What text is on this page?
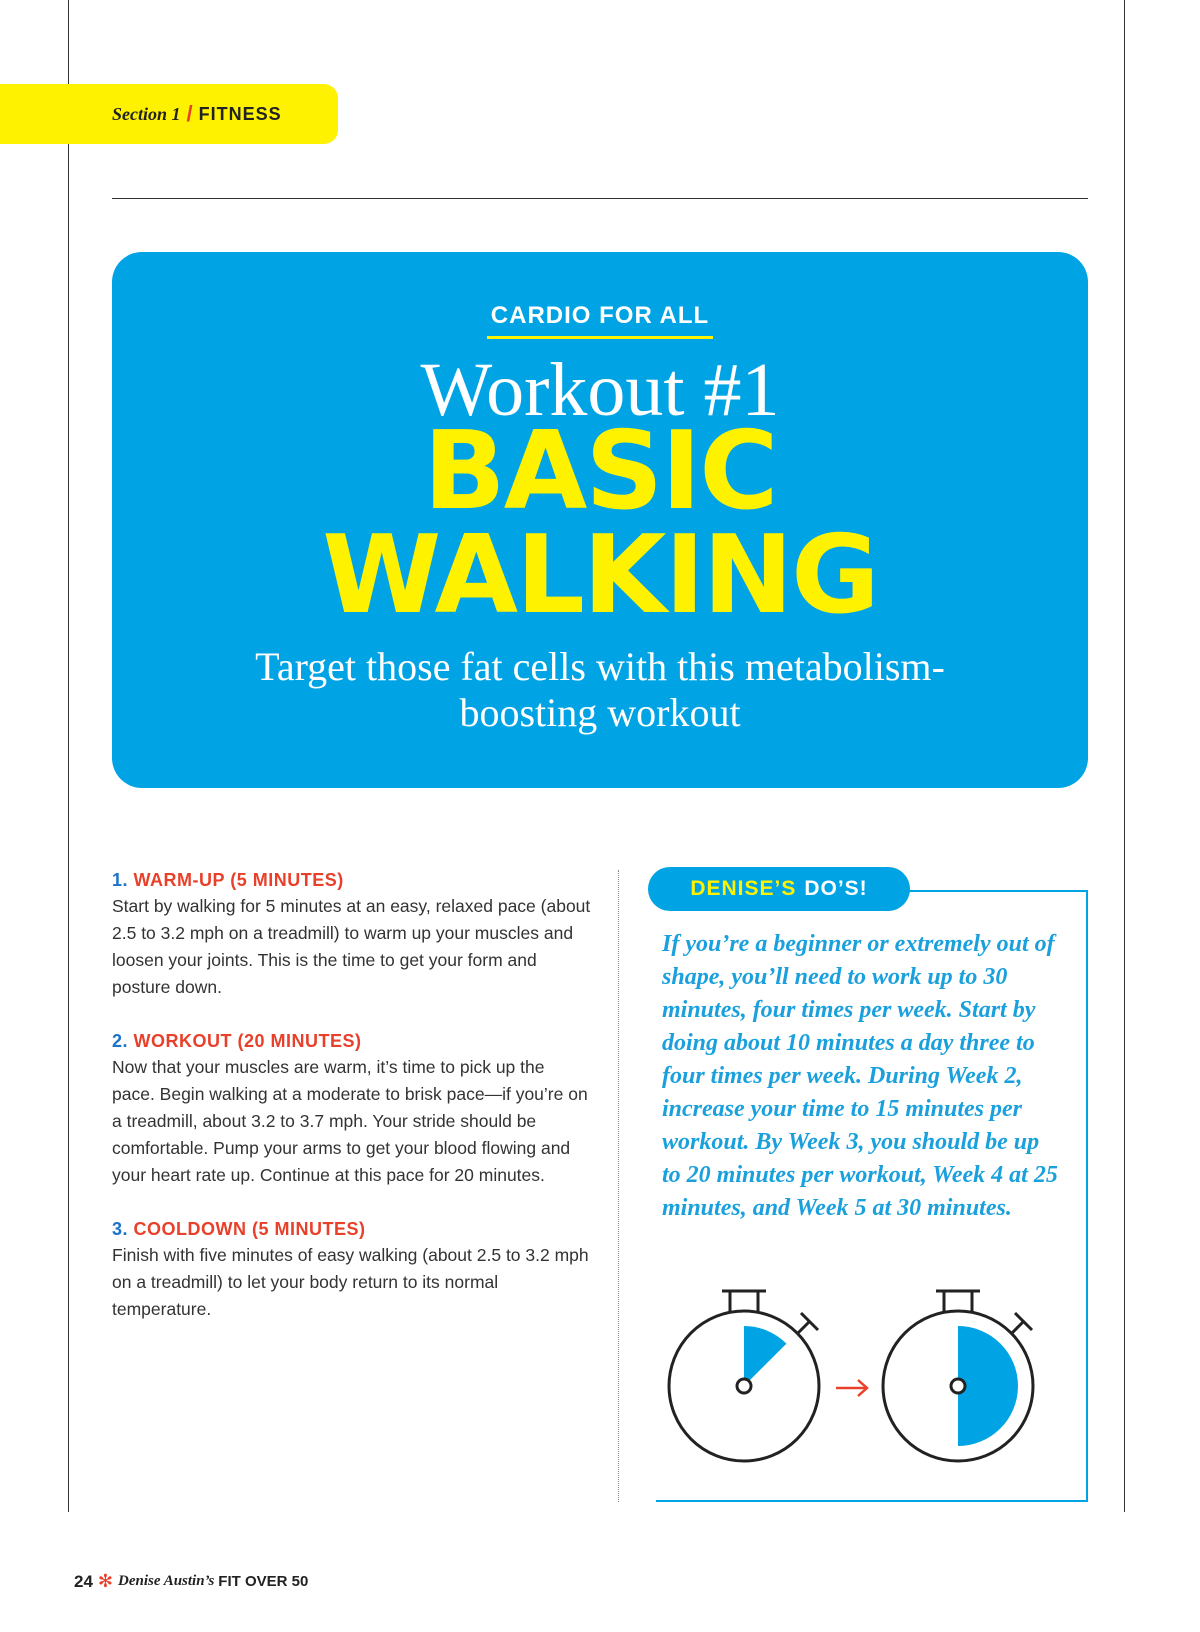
Section 1 / FITNESS
CARDIO FOR ALL
Workout #1
BASIC
WALKING
Target those fat cells with this metabolism-
boosting workout
1. WARM-UP (5 MINUTES)

Start by walking for 5 minutes at an easy, relaxed pace (about 2.5 to 3.2 mph on a treadmill) to warm up your muscles and loosen your joints. This is the time to get your form and posture down.

2. WORKOUT (20 MINUTES)

Now that your muscles are warm, it’s time to pick up the pace. Begin walking at a moderate to brisk pace—if you’re on a treadmill, about 3.2 to 3.7 mph. Your stride should be comfortable. Pump your arms to get your blood flowing and your heart rate up. Continue at this pace for 20 minutes.

3. COOLDOWN (5 MINUTES)

Finish with five minutes of easy walking (about 2.5 to 3.2 mph on a treadmill) to let your body return to its normal temperature.

DENISE’S DO’S!
If you’re a beginner or extremely out of shape, you’ll need to work up to 30 minutes, four times per week. Start by doing about 10 minutes a day three to four times per week. During Week 2, increase your time to 15 minutes per workout. By Week 3, you should be up to 20 minutes per workout, Week 4 at 25 minutes, and Week 5 at 30 minutes.
24 ✻ Denise Austin’s FIT OVER 50
